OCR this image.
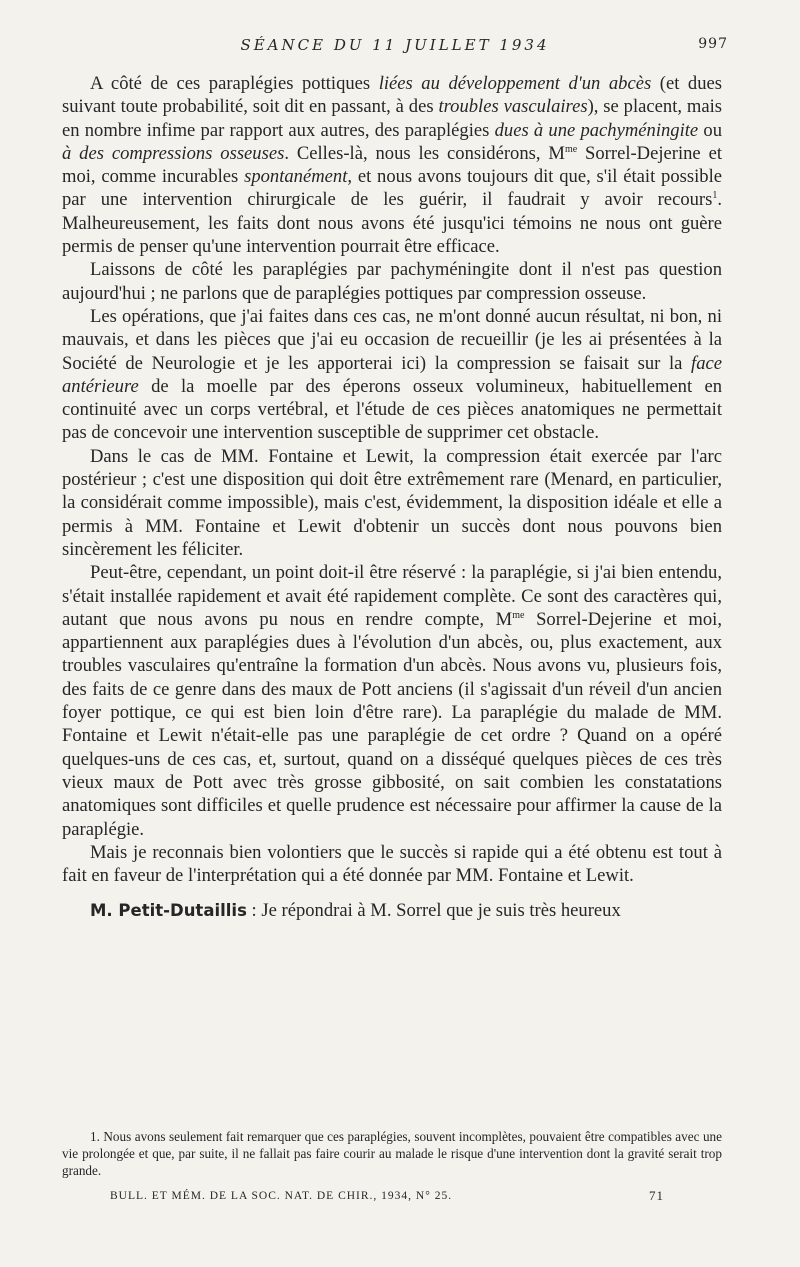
SÉANCE DU 11 JUILLET 1934	997

A côté de ces paraplégies pottiques liées au développement d'un abcès (et dues suivant toute probabilité, soit dit en passant, à des troubles vasculaires), se placent, mais en nombre infime par rapport aux autres, des paraplégies dues à une pachyméningite ou à des compressions osseuses. Celles-là, nous les considérons, $M^{me}$ Sorrel-Dejerine et moi, comme incurables spontanément, et nous avons toujours dit que, s'il était possible par une intervention chirurgicale de les guérir, il faudrait y avoir recours$^1$. Malheureusement, les faits dont nous avons été jusqu'ici témoins ne nous ont guère permis de penser qu'une intervention pourrait être efficace.

Laissons de côté les paraplégies par pachyméningite dont il n'est pas question aujourd'hui ; ne parlons que de paraplégies pottiques par compression osseuse.

Les opérations, que j'ai faites dans ces cas, ne m'ont donné aucun résultat, ni bon, ni mauvais, et dans les pièces que j'ai eu occasion de recueillir (je les ai présentées à la Société de Neurologie et je les apporterai ici) la compression se faisait sur la face antérieure de la moelle par des éperons osseux volumineux, habituellement en continuité avec un corps vertébral, et l'étude de ces pièces anatomiques ne permettait pas de concevoir une intervention susceptible de supprimer cet obstacle.

Dans le cas de MM. Fontaine et Lewit, la compression était exercée par l'arc postérieur ; c'est une disposition qui doit être extrêmement rare (Menard, en particulier, la considérait comme impossible), mais c'est, évidemment, la disposition idéale et elle a permis à MM. Fontaine et Lewit d'obtenir un succès dont nous pouvons bien sincèrement les féliciter.

Peut-être, cependant, un point doit-il être réservé : la paraplégie, si j'ai bien entendu, s'était installée rapidement et avait été rapidement complète. Ce sont des caractères qui, autant que nous avons pu nous en rendre compte, $M^{me}$ Sorrel-Dejerine et moi, appartiennent aux paraplégies dues à l'évolution d'un abcès, ou, plus exactement, aux troubles vasculaires qu'entraîne la formation d'un abcès. Nous avons vu, plusieurs fois, des faits de ce genre dans des maux de Pott anciens (il s'agissait d'un réveil d'un ancien foyer pottique, ce qui est bien loin d'être rare). La paraplégie du malade de MM. Fontaine et Lewit n'était-elle pas une paraplégie de cet ordre ? Quand on a opéré quelques-uns de ces cas, et, surtout, quand on a disséqué quelques pièces de ces très vieux maux de Pott avec très grosse gibbosité, on sait combien les constatations anatomiques sont difficiles et quelle prudence est nécessaire pour affirmer la cause de la paraplégie.

Mais je reconnais bien volontiers que le succès si rapide qui a été obtenu est tout à fait en faveur de l'interprétation qui a été donnée par MM. Fontaine et Lewit.

M. Petit-Dutaillis : Je répondrai à M. Sorrel que je suis très heureux

1. Nous avons seulement fait remarquer que ces paraplégies, souvent incomplètes, pouvaient être compatibles avec une vie prolongée et que, par suite, il ne fallait pas faire courir au malade le risque d'une intervention dont la gravité serait trop grande.

BULL. ET MÉM. DE LA SOC. NAT. DE CHIR., 1934, N° 25.	71
